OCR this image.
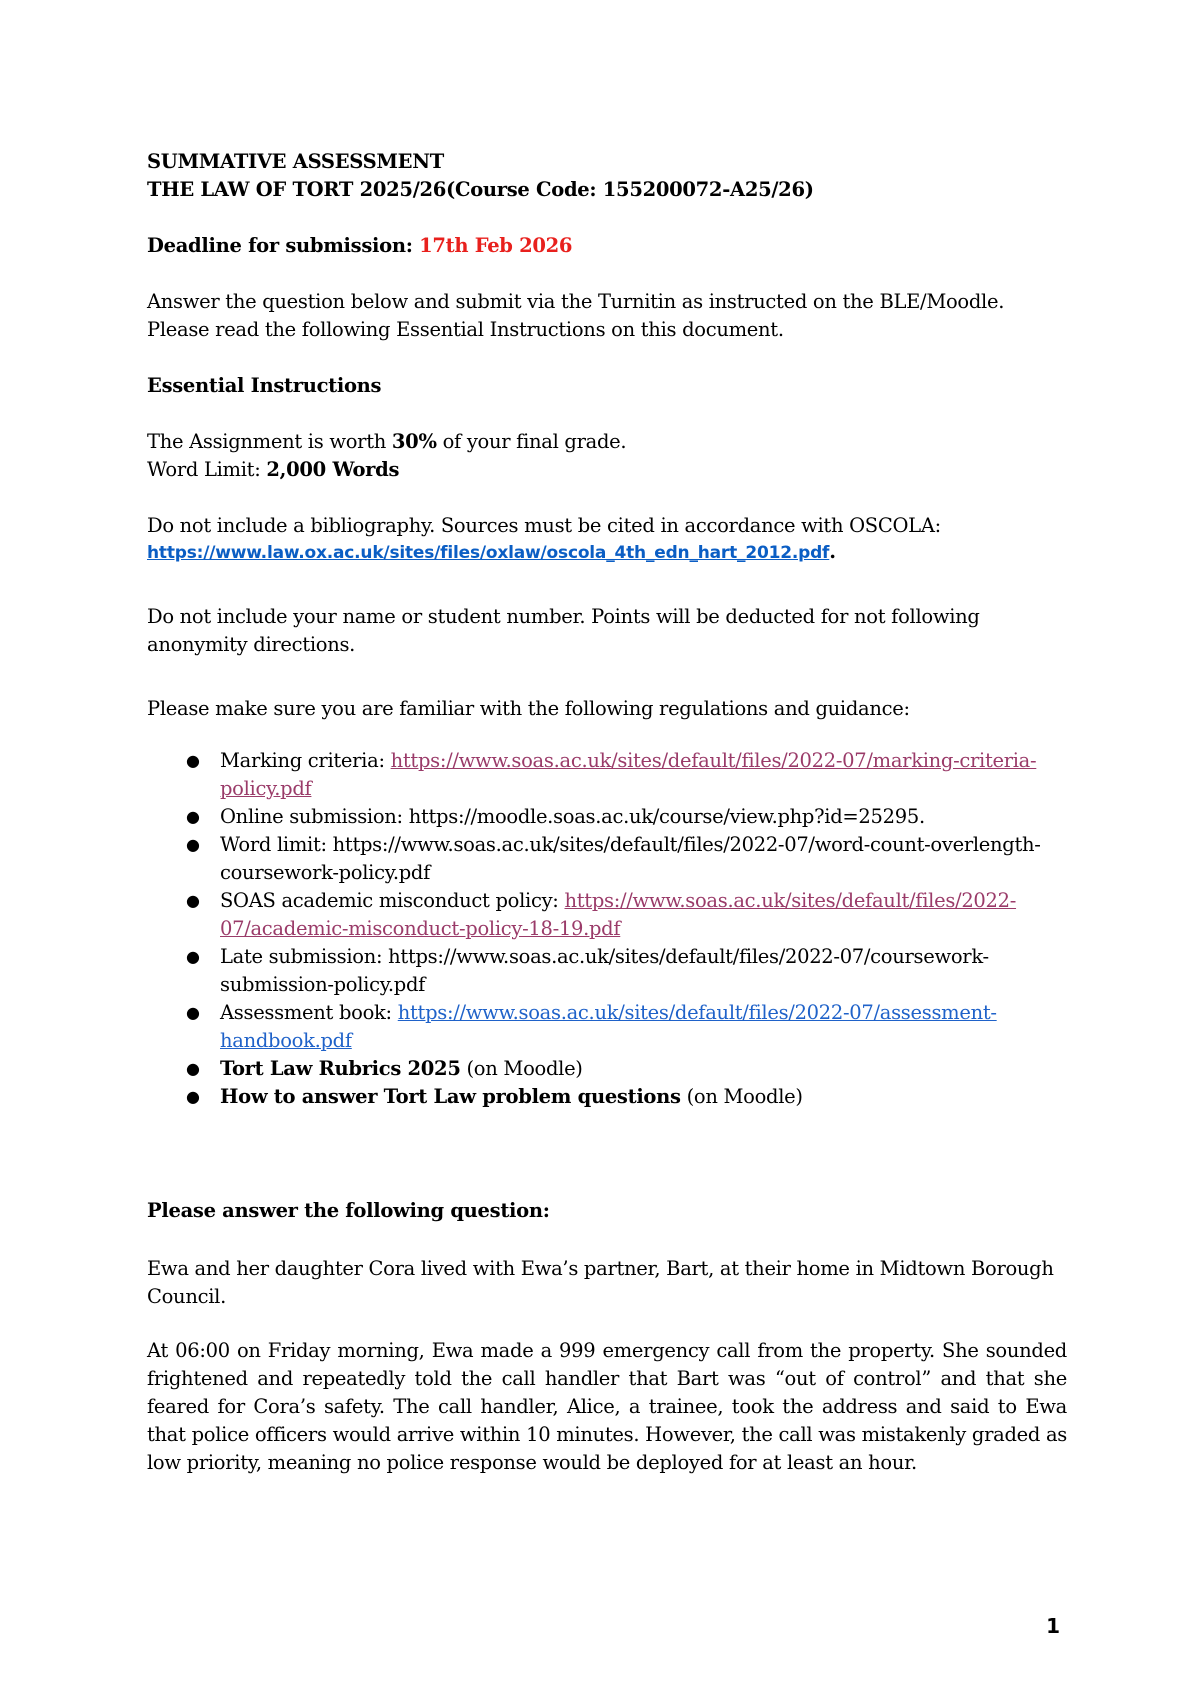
SUMMATIVE ASSESSMENT

THE LAW OF TORT 2025/26(Course Code: 155200072-A25/26)

Deadline for submission: 17th Feb 2026

Answer the question below and submit via the Turnitin as instructed on the BLE/Moodle.

Please read the following Essential Instructions on this document.

Essential Instructions

The Assignment is worth 30% of your final grade.

Word Limit: 2,000 Words

Do not include a bibliography. Sources must be cited in accordance with OSCOLA:

https://www.law.ox.ac.uk/sites/files/oxlaw/oscola_4th_edn_hart_2012.pdf.

Do not include your name or student number. Points will be deducted for not following

anonymity directions.

Please make sure you are familiar with the following regulations and guidance:

● Marking criteria: https://www.soas.ac.uk/sites/default/files/2022-07/marking-criteria-
policy.pdf
● Online submission: https://moodle.soas.ac.uk/course/view.php?id=25295.
● Word limit: https://www.soas.ac.uk/sites/default/files/2022-07/word-count-overlength-
coursework-policy.pdf
● SOAS academic misconduct policy: https://www.soas.ac.uk/sites/default/files/2022-
07/academic-misconduct-policy-18-19.pdf
● Late submission: https://www.soas.ac.uk/sites/default/files/2022-07/coursework-
submission-policy.pdf
● Assessment book: https://www.soas.ac.uk/sites/default/files/2022-07/assessment-
handbook.pdf
● Tort Law Rubrics 2025 (on Moodle)
● How to answer Tort Law problem questions (on Moodle)

Please answer the following question:

Ewa and her daughter Cora lived with Ewa’s partner, Bart, at their home in Midtown Borough

Council.

At 06:00 on Friday morning, Ewa made a 999 emergency call from the property. She sounded frightened and repeatedly told the call handler that Bart was “out of control” and that she feared for Cora’s safety. The call handler, Alice, a trainee, took the address and said to Ewa that police officers would arrive within 10 minutes. However, the call was mistakenly graded as low priority, meaning no police response would be deployed for at least an hour.

1
